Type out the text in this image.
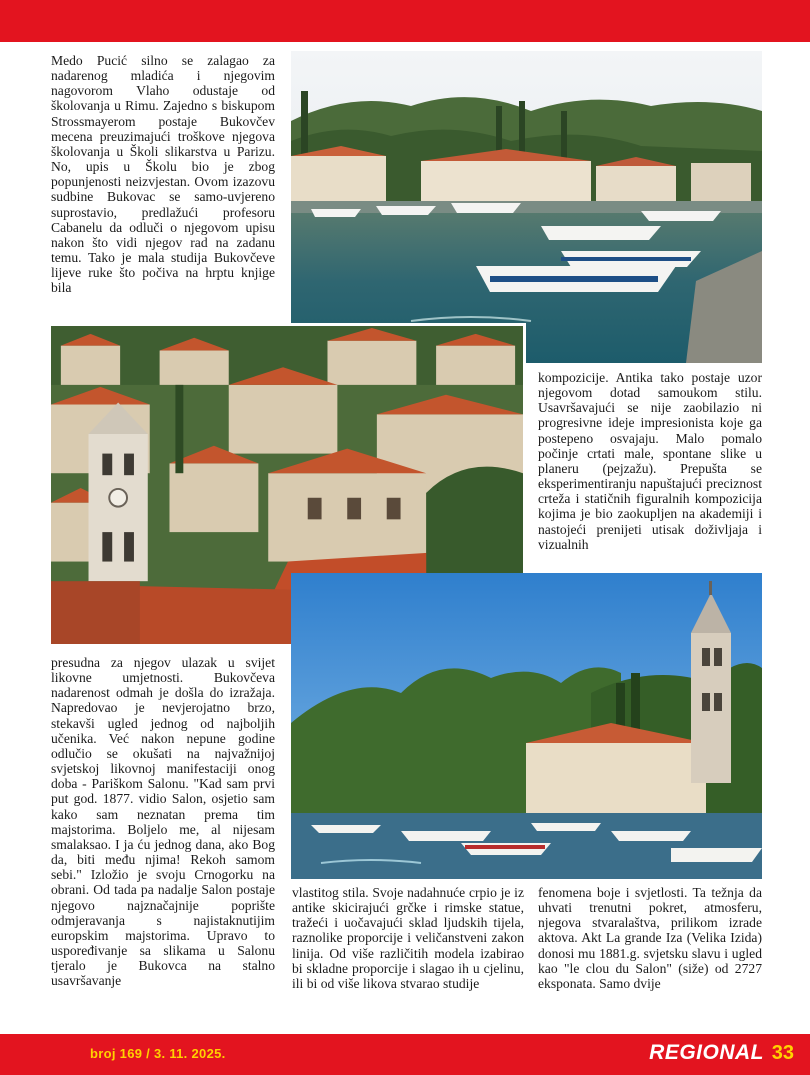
Medo Pucić silno se zalagao za nadarenog mladića i njegovim nagovorom Vlaho odustaje od školovanja u Rimu. Zajedno s biskupom Strossmayerom postaje Bukovčev mecena preuzimajući troškove njegova školovanja u Školi slikarstva u Parizu. No, upis u Školu bio je zbog popunjenosti neizvjestan. Ovom izazovu sudbine Bukovac se samo-uvjereno suprostavio, predlažući profesoru Cabanelu da odluči o njegovom upisu nakon što vidi njegov rad na zadanu temu. Tako je mala studija Bukovčeve lijeve ruke što počiva na hrptu knjige bila
presudna za njegov ulazak u svijet likovne umjetnosti. Bukovčeva nadarenost odmah je došla do izražaja. Napredovao je nevjerojatno brzo, stekavši ugled jednog od najboljih učenika. Već nakon nepune godine odlučio se okušati na najvažnijoj svjetskoj likovnoj manifestaciji onog doba - Pariškom Salonu. "Kad sam prvi put god. 1877. vidio Salon, osjetio sam kako sam neznatan prema tim majstorima. Boljelo me, al nijesam smalaksao. I ja ću jednog dana, ako Bog da, biti među njima! Rekoh samom sebi." Izložio je svoju Crnogorku na obrani. Od tada pa nadalje Salon postaje njegovo najznačajnije poprište odmjeravanja s najistaknutijim europskim majstorima. Upravo to uspoređivanje sa slikama u Salonu tjeralo je Bukovca na stalno usavršavanje
kompozicije. Antika tako postaje uzor njegovom dotad samoukom stilu. Usavršavajući se nije zaobilazio ni progresivne ideje impresionista koje ga postepeno osvajaju. Malo pomalo počinje crtati male, spontane slike u planeru (pejzažu). Prepušta se eksperimentiranju napuštajući preciznost crteža i statičnih figuralnih kompozicija kojima je bio zaokupljen na akademiji i nastojeći prenijeti utisak doživljaja i vizualnih
vlastitog stila. Svoje nadahnuće crpio je iz antike skicirajući grčke i rimske statue, tražeći i uočavajući sklad ljudskih tijela, raznolike proporcije i veličanstveni zakon linija. Od više različitih modela izabirao bi skladne proporcije i slagao ih u cjelinu, ili bi od više likova stvarao studije
fenomena boje i svjetlosti. Ta težnja da uhvati trenutni pokret, atmosferu, njegova stvaralaštva, prilikom izrade aktova. Akt La grande Iza (Velika Izida) donosi mu 1881.g. svjetsku slavu i ugled kao "le clou du Salon" (siže) od 2727 eksponata. Samo dvije
broj 169 / 3. 11. 2025.	REGIONAL 33
